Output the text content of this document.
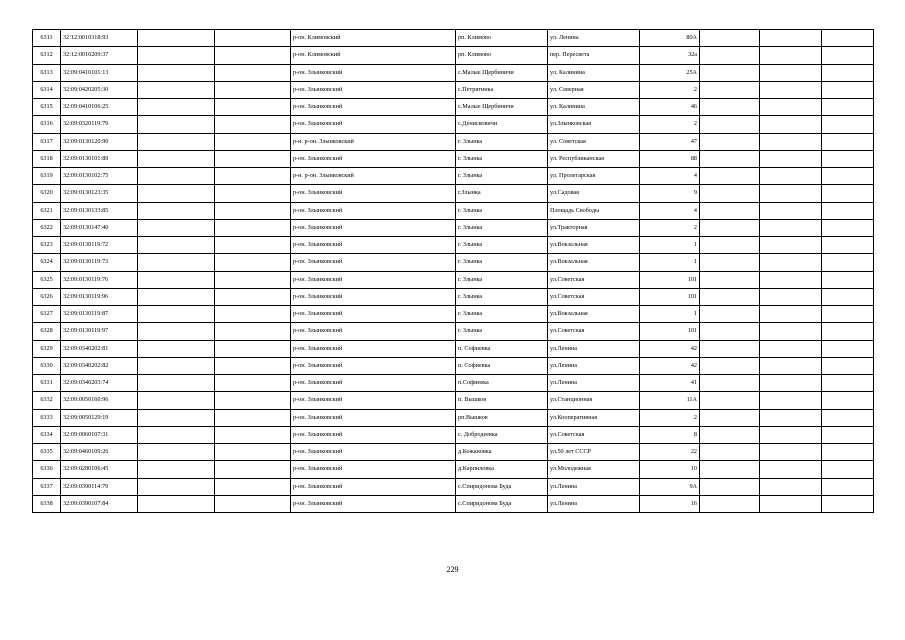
6311	32:12:0010318:93			р-он. Климовский	рп. Климово	ул. Ленина	80А			
6312	32:12:0010209:37			р-он. Климовский	рп. Климово	пер. Пересвета	32а			
6313	32:09:0410101:13			р-он. Злынковский	с.Малые Щербиничи	ул. Калинина	25А			
6314	32:09:0420205:30			р-он. Злынковский	с.Петрятинка	ул. Северная	2			
6315	32:09:0410106:25			р-он. Злынковский	с.Малые Щербиничи	ул. Калинина	46			
6316	32:09:0320119:79			р-он. Злынковский	с.Денисковичи	ул.Злынковская	2			
6317	32:09:0130120:90			р-н. р-он. Злынковский	г. Злынка	ул. Советская	47			
6318	32:09:0130101:89			р-он. Злынковский	г. Злынка	ул. Республиканская	88			
6319	32:09:0130102:75			р-н. р-он. Злынковский	г. Злынка	ул. Пролетарская	4			
6320	32:09:0130123:35			р-он. Злынковский	г.Злынка	ул.Садовая	9			
6321	32:09:0130133:85			р-он. Злынковский	г. Злынка	Площадь Свободы	4			
6322	32:09:0130147:40			р-он. Злынковский	г. Злынка	ул.Тракторная	2			
6323	32:09:0130119:72			р-он. Злынковский	г. Злынка	ул.Вокзальная	1			
6324	32:09:0130119:73			р-он. Злынковский	г. Злынка	ул.Вокзальная	1			
6325	32:09:0130119:76			р-он. Злынковский	г. Злынка	ул.Советская	101			
6326	32:09:0130119:96			р-он. Злынковский	г. Злынка	ул.Советская	101			
6327	32:09:0130119:87			р-он. Злынковский	г. Злынка	ул.Вокзальная	1			
6328	32:09:0130119:97			р-он. Злынковский	г. Злынка	ул.Советская	101			
6329	32:09:0340202:81			р-он. Злынковский	п. Софиевка	ул.Ленина	42			
6330	32:09:0340202:82			р-он. Злынковский	п. Софиевка	ул.Ленина	42			
6331	32:09:0340203:74			р-он. Злынковский	п.Софиевка	ул.Ленина	41			
6332	32:09:0050160:96			р-он. Злынковский	п. Вышков	ул.Станционная	11А			
6333	32:09:0050129:19			р-он. Злынковский	рп.Вышков	ул.Кооперативная	2			
6334	32:09:0060107:31			р-он. Злынковский	с. Добродеевка	ул.Советская	8			
6335	32:09:0460109:26			р-он. Злынковский	д.Кожановка	ул.50 лет СССР	22			
6336	32:09:0280106:45			р-он. Злынковский	д.Карпиловка	ул.Молодежная	10			
6337	32:09:0390114:79			р-он. Злынковский	с.Спиридонова Буда	ул.Ленина	9А			
6338	32:09:0390107:84			р-он. Злынковский	с.Спиридонова Буда	ул.Ленина	16			
229
